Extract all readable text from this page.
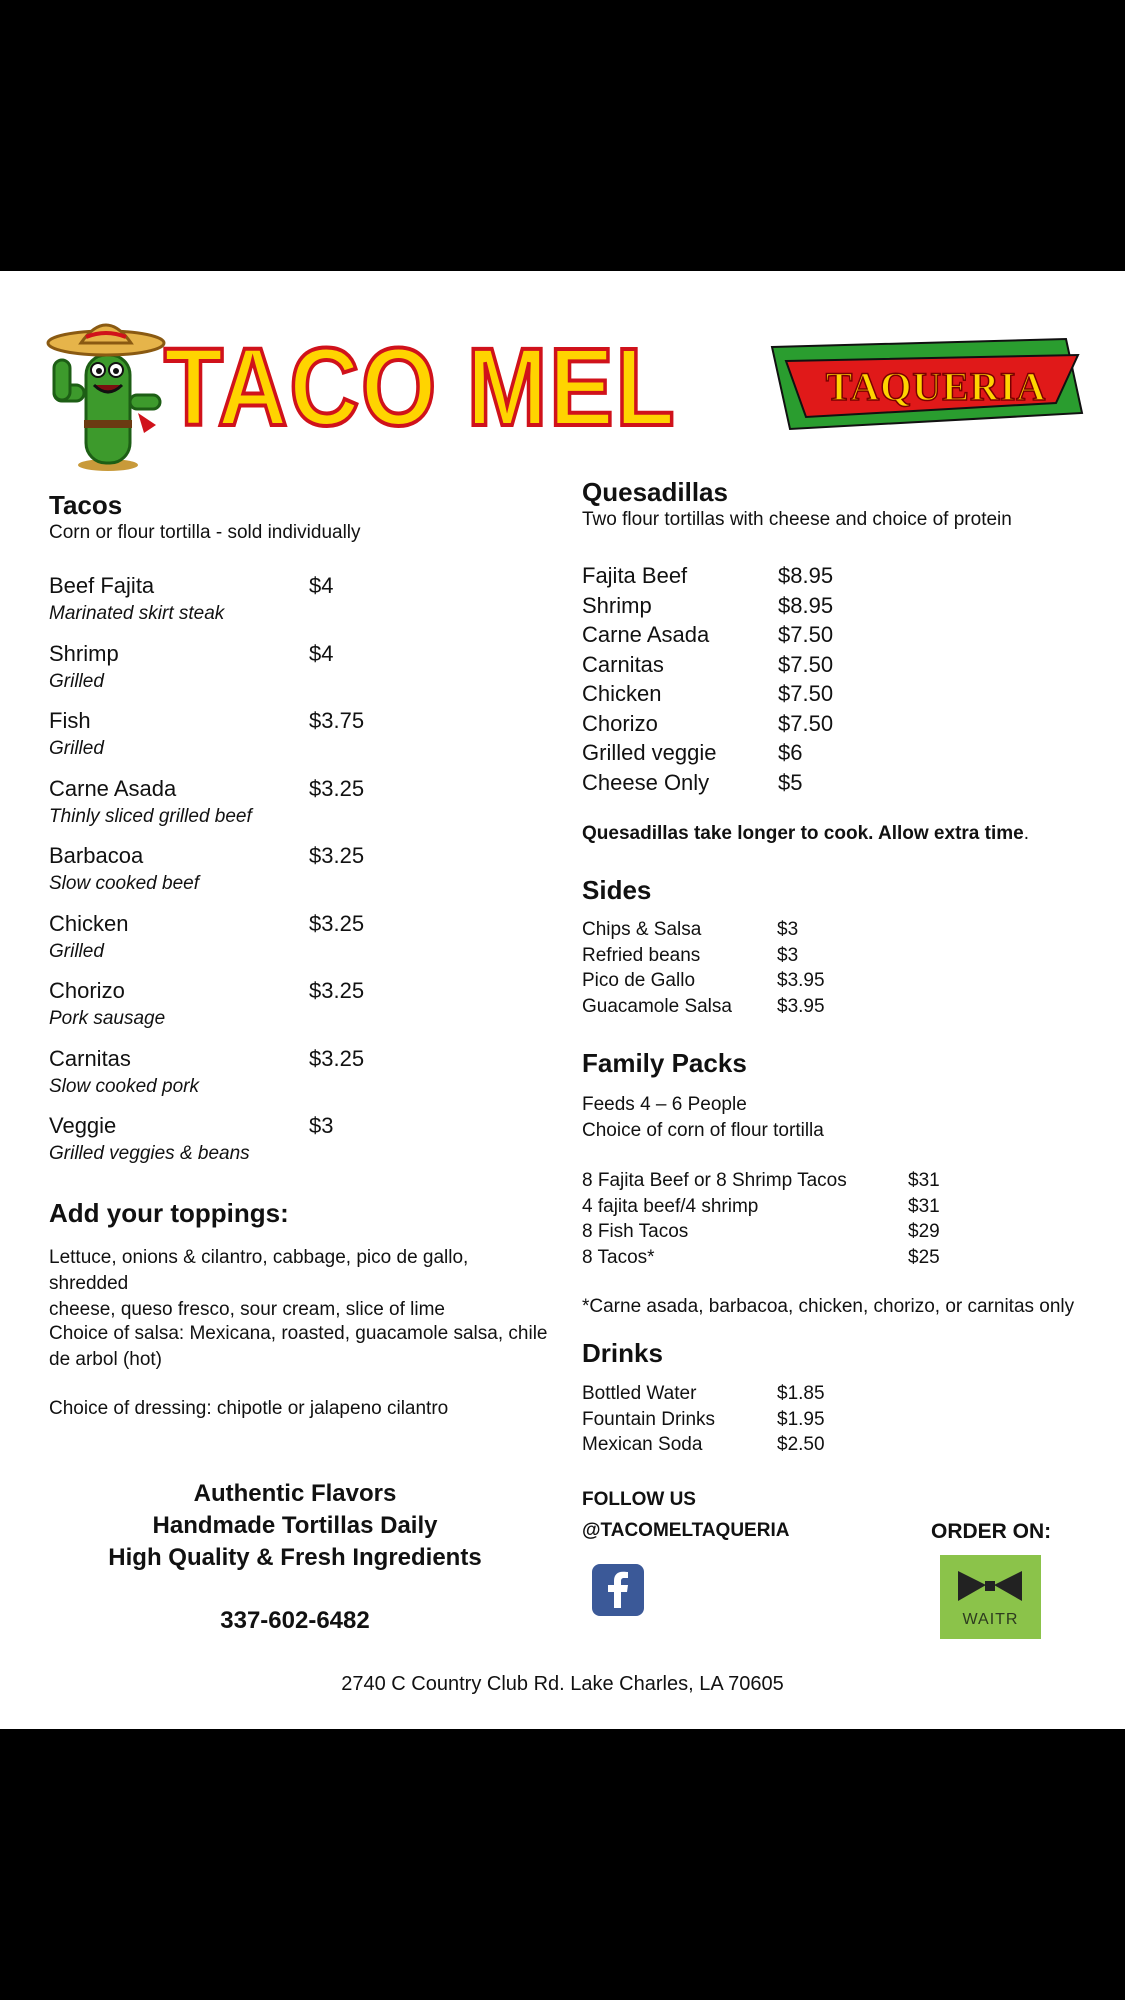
TACO MEL	TAQUERIA
Tacos
Corn or flour tortilla - sold individually
Beef Fajita
Marinated skirt steak
$4
Shrimp
Grilled
$4
Fish
Grilled
$3.75
Carne Asada
Thinly sliced grilled beef
$3.25
Barbacoa
Slow cooked beef
$3.25
Chicken
Grilled
$3.25
Chorizo
Pork sausage
$3.25
Carnitas
Slow cooked pork
$3.25
Veggie
Grilled veggies & beans
$3
Add your toppings:
Lettuce, onions & cilantro, cabbage, pico de gallo, shredded
cheese, queso fresco, sour cream, slice of lime
Choice of salsa: Mexicana, roasted, guacamole salsa, chile
de arbol (hot)
Choice of dressing: chipotle or jalapeno cilantro
Authentic Flavors
Handmade Tortillas Daily
High Quality & Fresh Ingredients
337-602-6482
Quesadillas
Two flour tortillas with cheese and choice of protein
Fajita Beef	$8.95
Shrimp	$8.95
Carne Asada	$7.50
Carnitas	$7.50
Chicken	$7.50
Chorizo	$7.50
Grilled veggie	$6
Cheese Only	$5
Quesadillas take longer to cook. Allow extra time.
Sides
Chips & Salsa	$3
Refried beans	$3
Pico de Gallo	$3.95
Guacamole Salsa $3.95
Family Packs
Feeds 4 – 6 People
Choice of corn of flour tortilla
8 Fajita Beef or 8 Shrimp Tacos	$31
4 fajita beef/4 shrimp	$31
8 Fish Tacos	$29
8 Tacos*	$25
*Carne asada, barbacoa, chicken, chorizo, or carnitas only
Drinks
Bottled Water	$1.85
Fountain Drinks	$1.95
Mexican Soda	$2.50
FOLLOW US
@TACOMELTAQUERIA	ORDER ON:
WAITR
2740 C Country Club Rd. Lake Charles, LA 70605
